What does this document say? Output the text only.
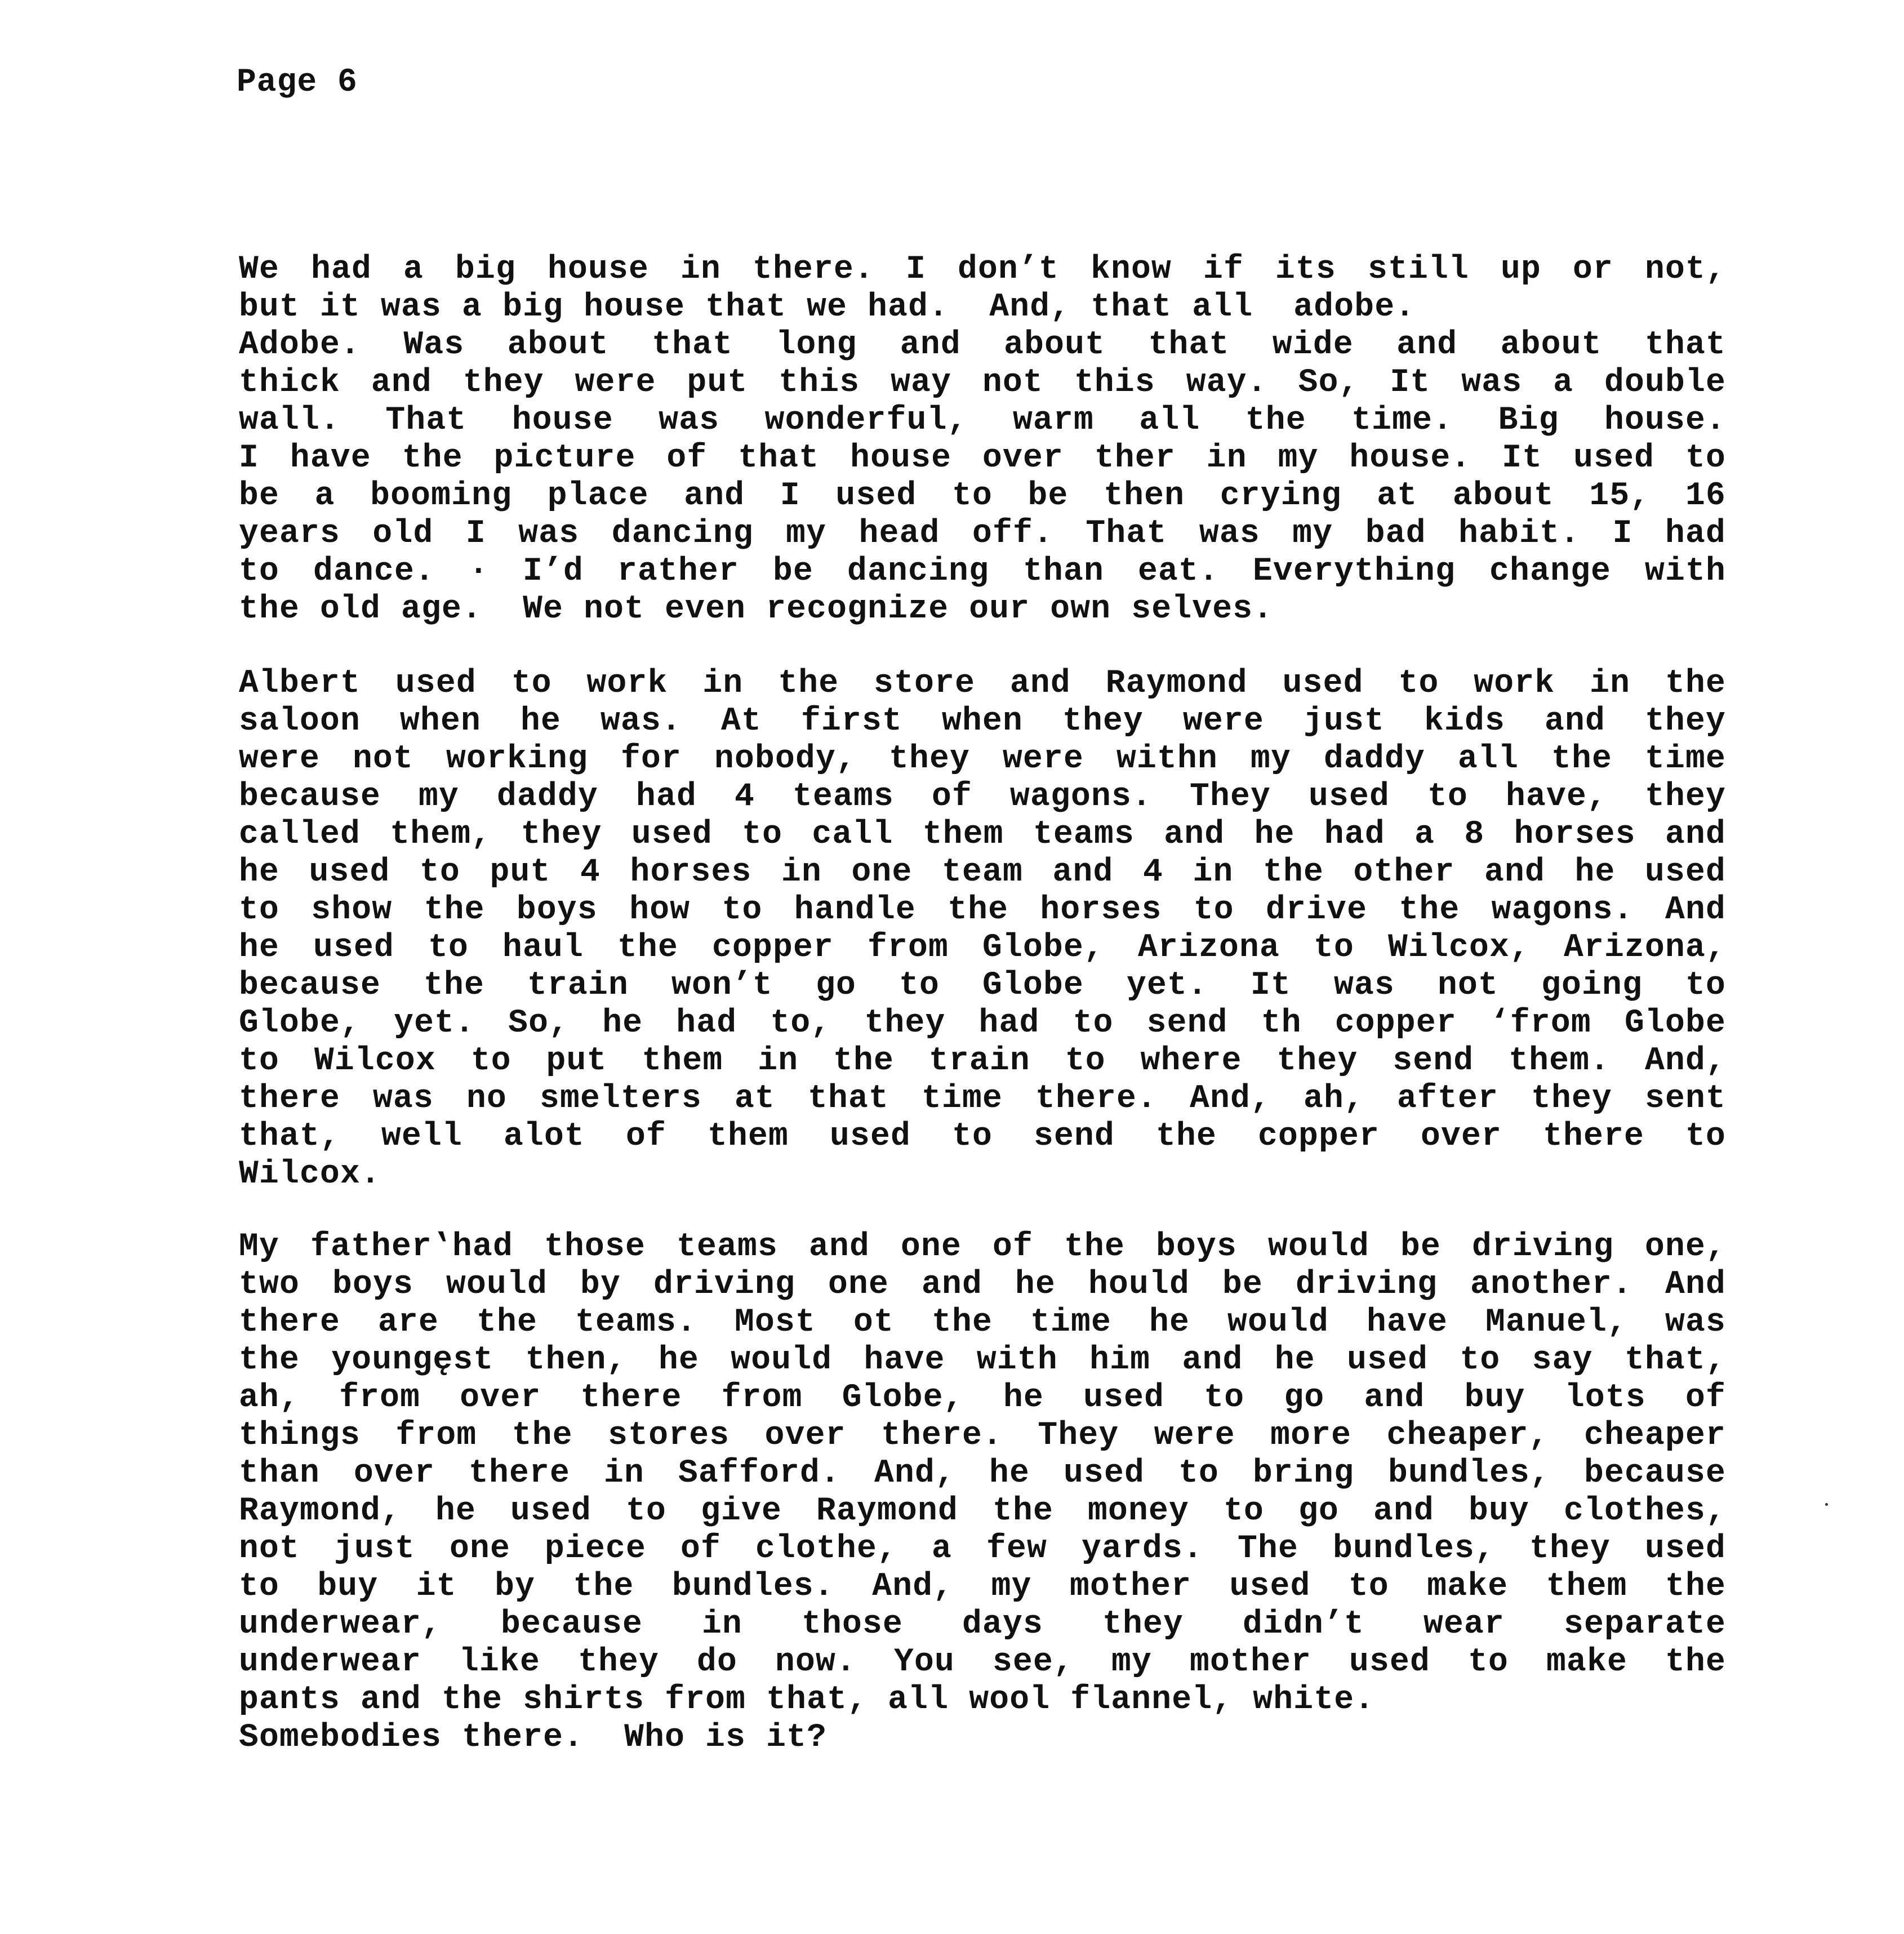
Page 6
We had a big house in there. I don’t know if its still up or not,
but it was a big house that we had.  And, that all  adobe.
Adobe. Was about that long and about that wide and about that
thick and they were put this way not this way. So, It was a double
wall. That house was wonderful, warm all the time. Big house.
I have the picture of that house over ther in my house. It used to
be a booming place and I used to be then crying at about 15, 16
years old I was dancing my head off. That was my bad habit. I had
to dance. · I’d rather be dancing than eat. Everything change with
the old age.  We not even recognize our own selves.
Albert used to work in the store and Raymond used to work in the
saloon when he was. At first when they were just kids and they
were not working for nobody, they were withn my daddy all the time
because my daddy had 4 teams of wagons. They used to have, they
called them, they used to call them teams and he had a 8 horses and
he used to put 4 horses in one team and 4 in the other and he used
to show the boys how to handle the horses to drive the wagons. And
he used to haul the copper from Globe, Arizona to Wilcox, Arizona,
because the train won’t go to Globe yet. It was not going to
Globe, yet. So, he had to, they had to send th copper ‘from Globe
to Wilcox to put them in the train to where they send them. And,
there was no smelters at that time there. And, ah, after they sent
that, well alot of them used to send the copper over there to
Wilcox.
My father‛had those teams and one of the boys would be driving one,
two boys would by driving one and he hould be driving another. And
there are the teams. Most ot the time he would have Manuel, was
the youngęst then, he would have with him and he used to say that,
ah, from over there from Globe, he used to go and buy lots of
things from the stores over there. They were more cheaper, cheaper
than over there in Safford. And, he used to bring bundles, because
Raymond, he used to give Raymond the money to go and buy clothes,
not just one piece of clothe, a few yards. The bundles, they used
to buy it by the bundles. And, my mother used to make them the
underwear, because in those days they didn’t wear separate
underwear like they do now. You see, my mother used to make the
pants and the shirts from that, all wool flannel, white.
Somebodies there.  Who is it?
